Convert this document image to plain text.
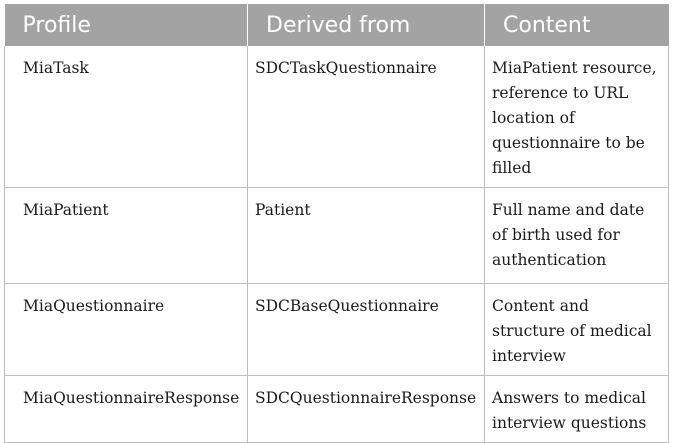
Profile	Derived from	Content
MiaTask	SDCTaskQuestionnaire	MiaPatient resource, reference to URL location of questionnaire to be filled
MiaPatient	Patient	Full name and date of birth used for authentication
MiaQuestionnaire	SDCBaseQuestionnaire	Content and structure of medical interview
MiaQuestionnaireResponse	SDCQuestionnaireResponse	Answers to medical interview questions
